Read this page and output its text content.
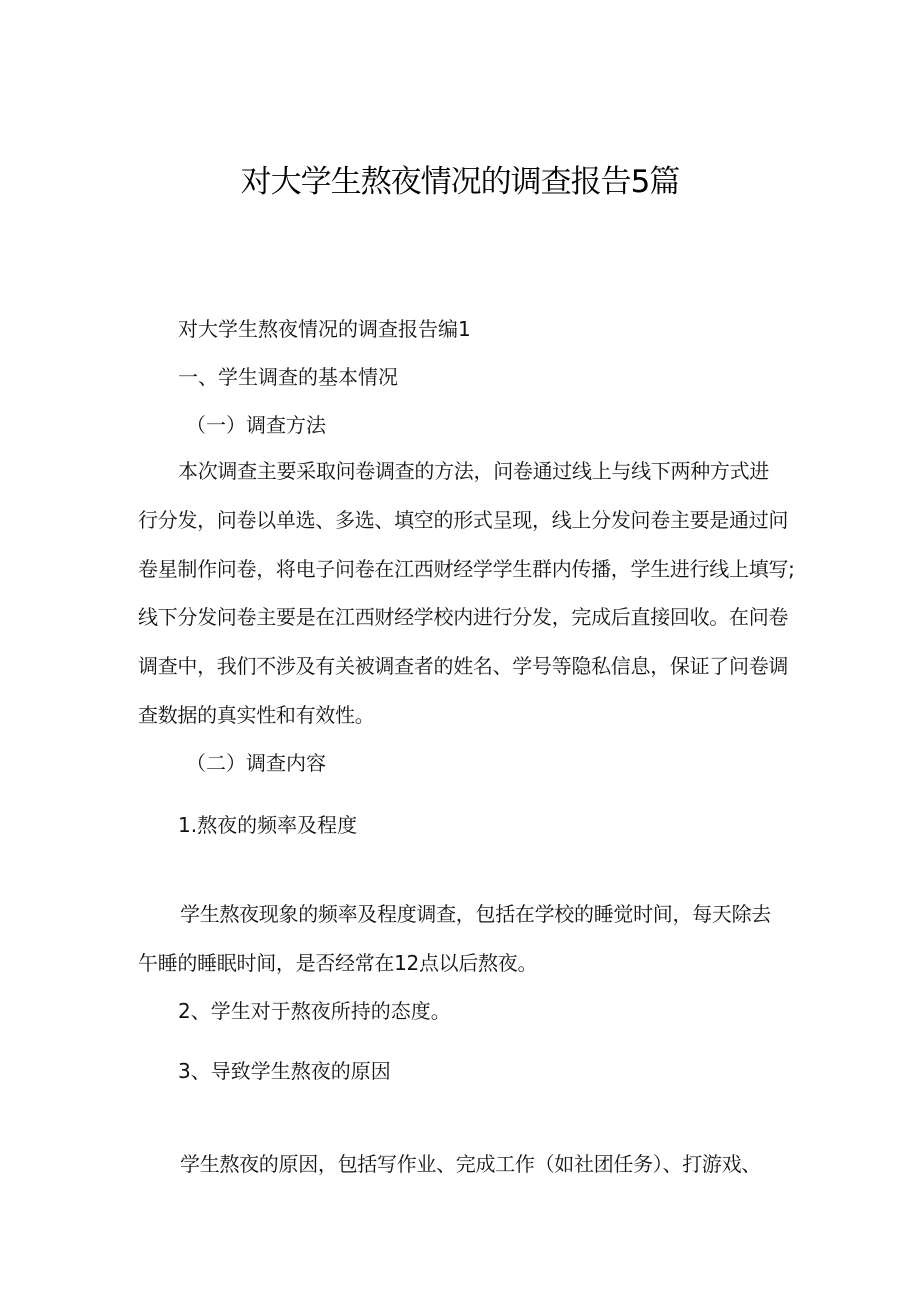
对大学生熬夜情况的调查报告5篇
对大学生熬夜情况的调查报告编1
一、学生调查的基本情况
（一）调查方法
本次调查主要采取问卷调查的方法，问卷通过线上与线下两种方式进
行分发，问卷以单选、多选、填空的形式呈现，线上分发问卷主要是通过问
卷星制作问卷，将电子问卷在江西财经学学生群内传播，学生进行线上填写;
线下分发问卷主要是在江西财经学校内进行分发，完成后直接回收。在问卷
调查中，我们不涉及有关被调查者的姓名、学号等隐私信息，保证了问卷调
查数据的真实性和有效性。
（二）调查内容
1.熬夜的频率及程度
学生熬夜现象的频率及程度调查，包括在学校的睡觉时间，每天除去
午睡的睡眠时间，是否经常在12点以后熬夜。
2、学生对于熬夜所持的态度。
3、导致学生熬夜的原因
学生熬夜的原因，包括写作业、完成工作（如社团任务）、打游戏、
